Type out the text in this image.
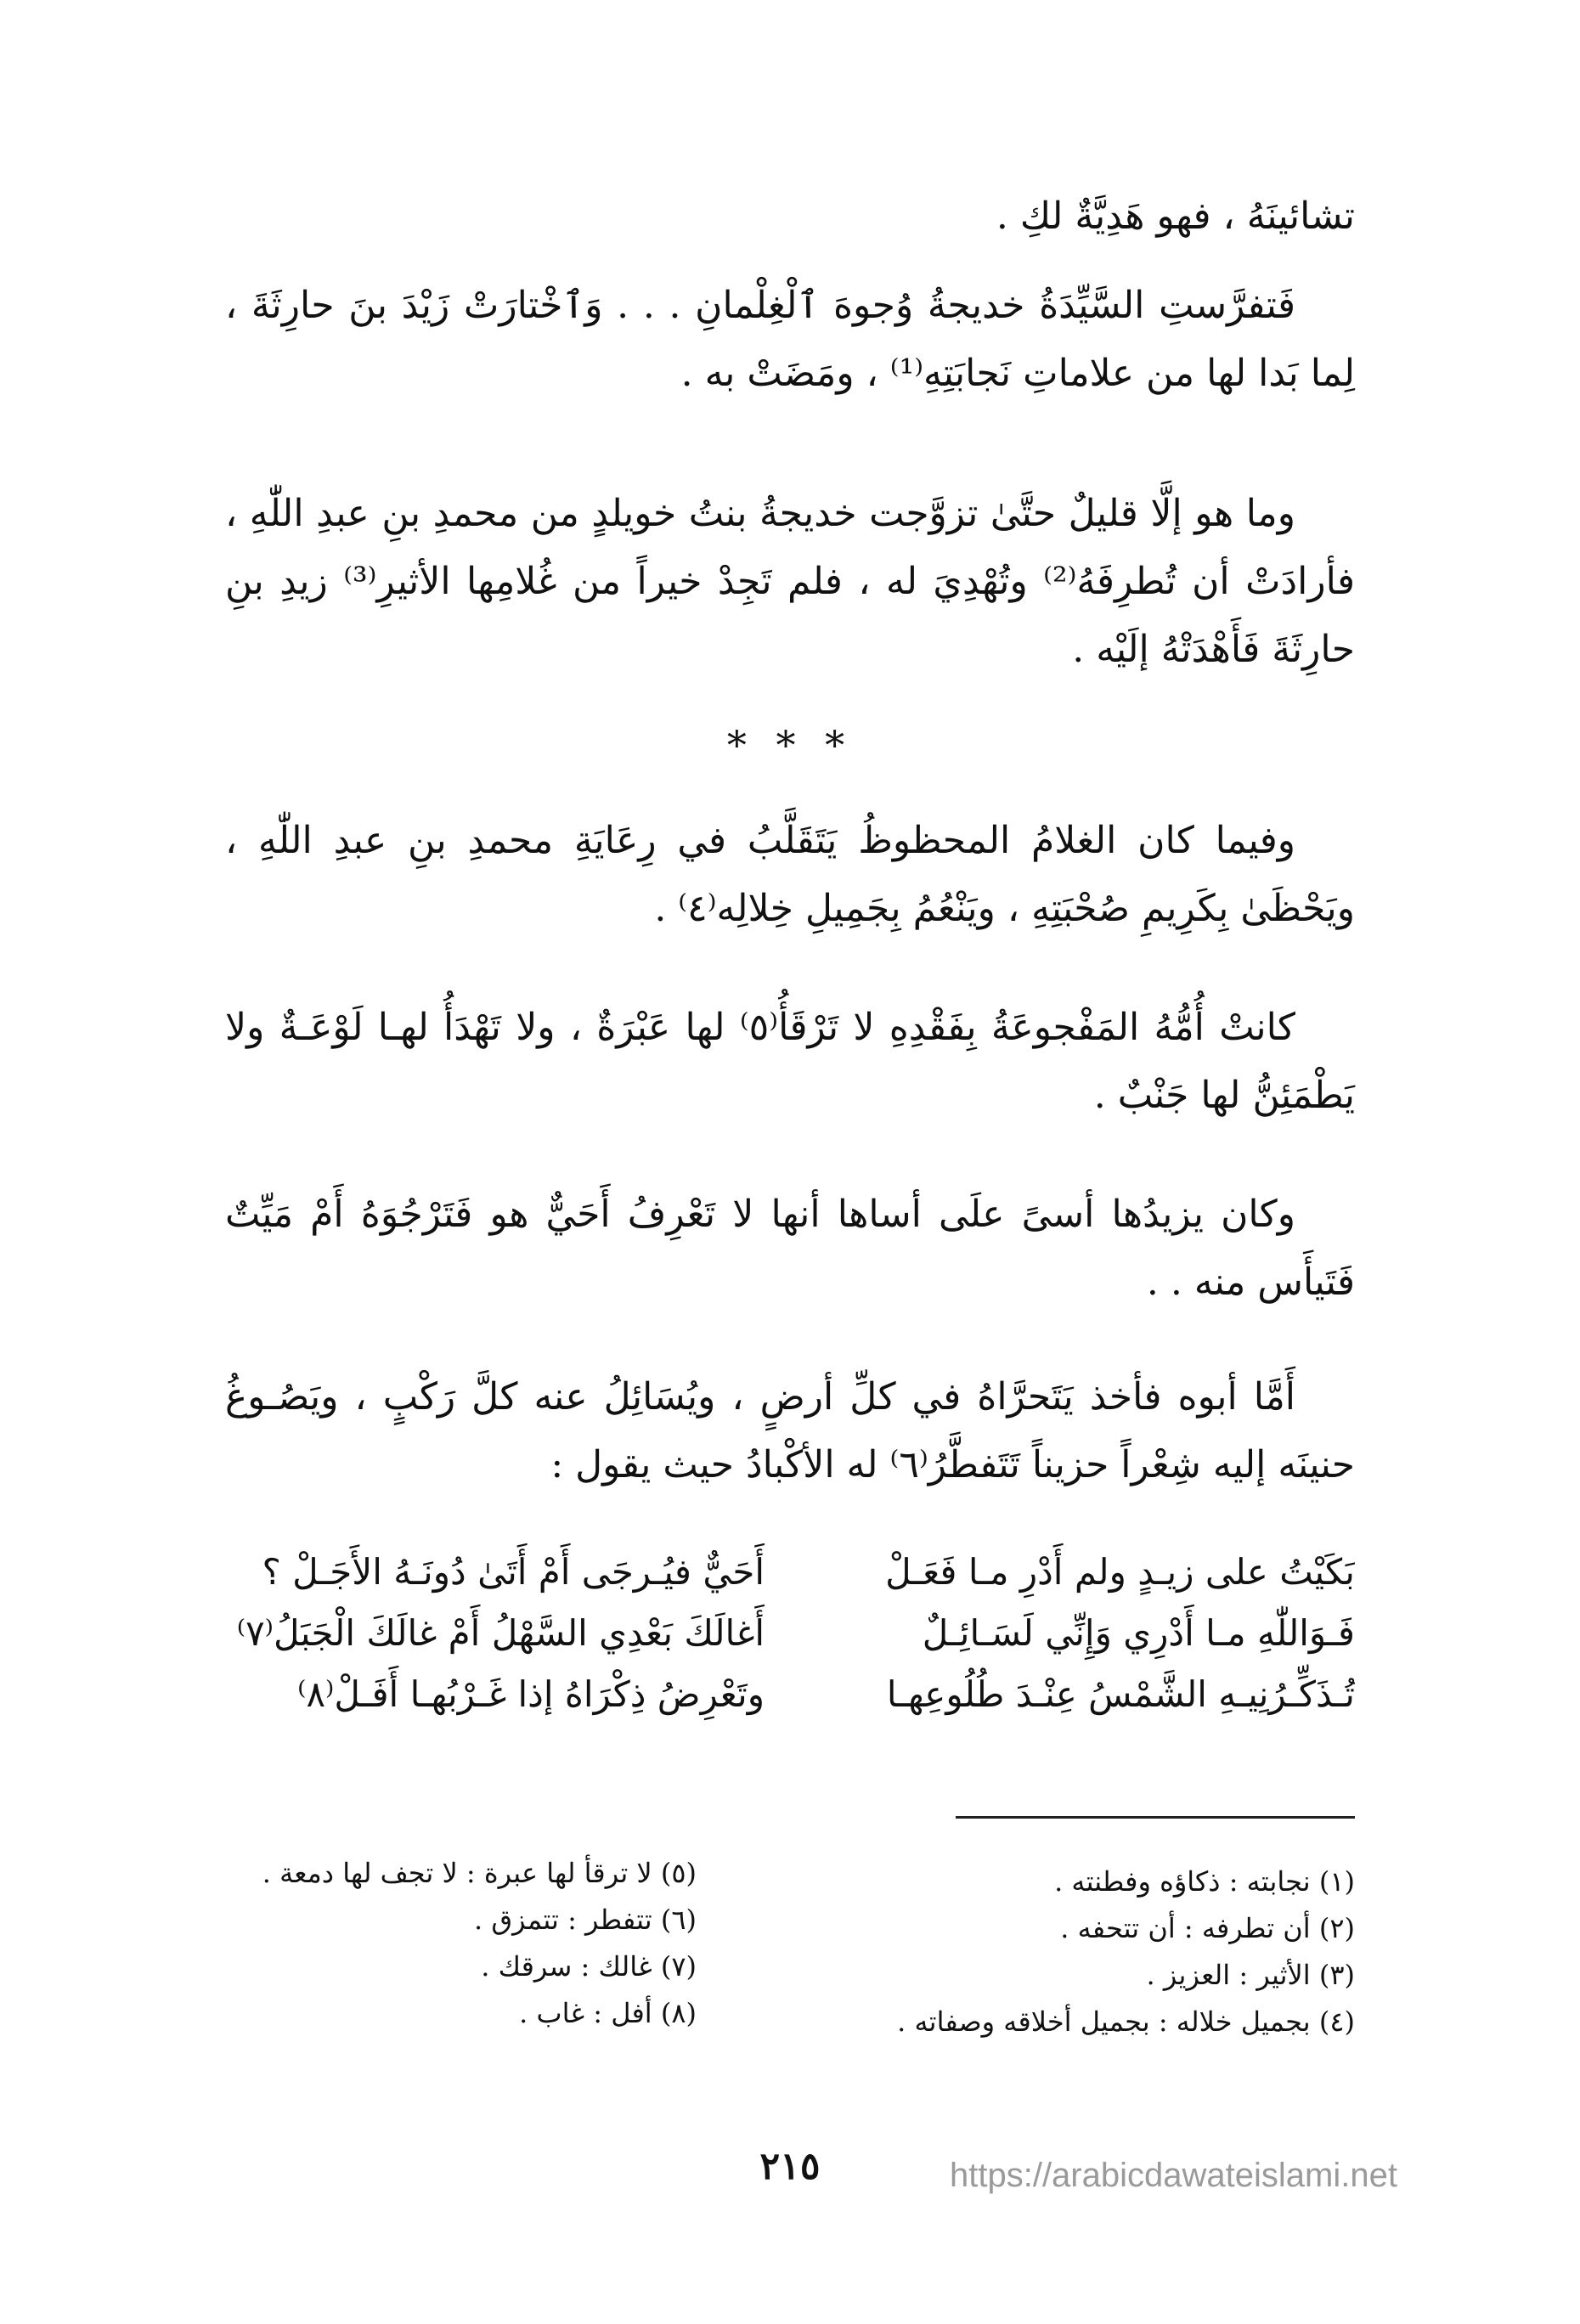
تشائينَهُ ، فهو هَدِيَّةٌ لكِ .
فَتفرَّستِ السَّيِّدَةُ خديجةُ وُجوهَ ٱلْغِلْمانِ . . . وَٱخْتارَتْ زَيْدَ بنَ حارِثَةَ ، لِما بَدا لها من علاماتِ نَجابَتِهِ⁽¹⁾ ، ومَضَتْ به .
وما هو إلَّا قليلٌ حتَّىٰ تزوَّجت خديجةُ بنتُ خويلدٍ من محمدِ بنِ عبدِ اللّٰهِ ، فأرادَتْ أن تُطرِفَهُ⁽²⁾ وتُهْدِيَ له ، فلم تَجِدْ خيراً من غُلامِها الأثيرِ⁽³⁾ زيدِ بنِ حارِثَةَ فَأَهْدَتْهُ إلَيْه .
* * *
وفيما كان الغلامُ المحظوظُ يَتَقَلَّبُ في رِعَايَةِ محمدِ بنِ عبدِ اللّٰهِ ، ويَحْظَىٰ بِكَرِيمِ صُحْبَتِهِ ، ويَنْعُمُ بِجَمِيلِ خِلالِه⁽٤⁾ .
كانتْ أُمُّهُ المَفْجوعَةُ بِفَقْدِهِ لا تَرْقَأُ⁽٥⁾ لها عَبْرَةٌ ، ولا تَهْدَأُ لهـا لَوْعَـةٌ ولا يَطْمَئِنُّ لها جَنْبٌ .
وكان يزيدُها أسىً علَى أساها أنها لا تَعْرِفُ أَحَيٌّ هو فَتَرْجُوَهُ أَمْ مَيِّتٌ فَتَيأَس منه . .
أَمَّا أبوه فأخذ يَتَحرَّاهُ في كلِّ أرضٍ ، ويُسَائِلُ عنه كلَّ رَكْبٍ ، ويَصُـوغُ حنينَه إليه شِعْراً حزيناً تَتَفطَّرُ⁽٦⁾ له الأكْبادُ حيث يقول :
بَكَيْتُ على زيـدٍ ولم أَدْرِ مـا فَعَـلْ
أَحَيٌّ فيُـرجَى أَمْ أَتَىٰ دُونَـهُ الأَجَـلْ ؟
فَـوَاللّٰهِ مـا أَدْرِي وَإِنِّي لَسَـائِـلٌ
أَغالَكَ بَعْدِي السَّهْلُ أَمْ غالَكَ الْجَبَلُ⁽٧⁾
تُـذَكِّـرُنِيـهِ الشَّمْسُ عِنْـدَ طُلُوعِهـا
وتَعْرِضُ ذِكْرَاهُ إذا غَـرْبُهـا أَفَـلْ⁽٨⁾
(١) نجابته : ذكاؤه وفطنته .
(٢) أن تطرفه : أن تتحفه .
(٣) الأثير : العزيز .
(٤) بجميل خلاله : بجميل أخلاقه وصفاته .
(٥) لا ترقأ لها عبرة : لا تجف لها دمعة .
(٦) تتفطر : تتمزق .
(٧) غالك : سرقك .
(٨) أفل : غاب .
٢١٥	https://arabicdawateislami.net
